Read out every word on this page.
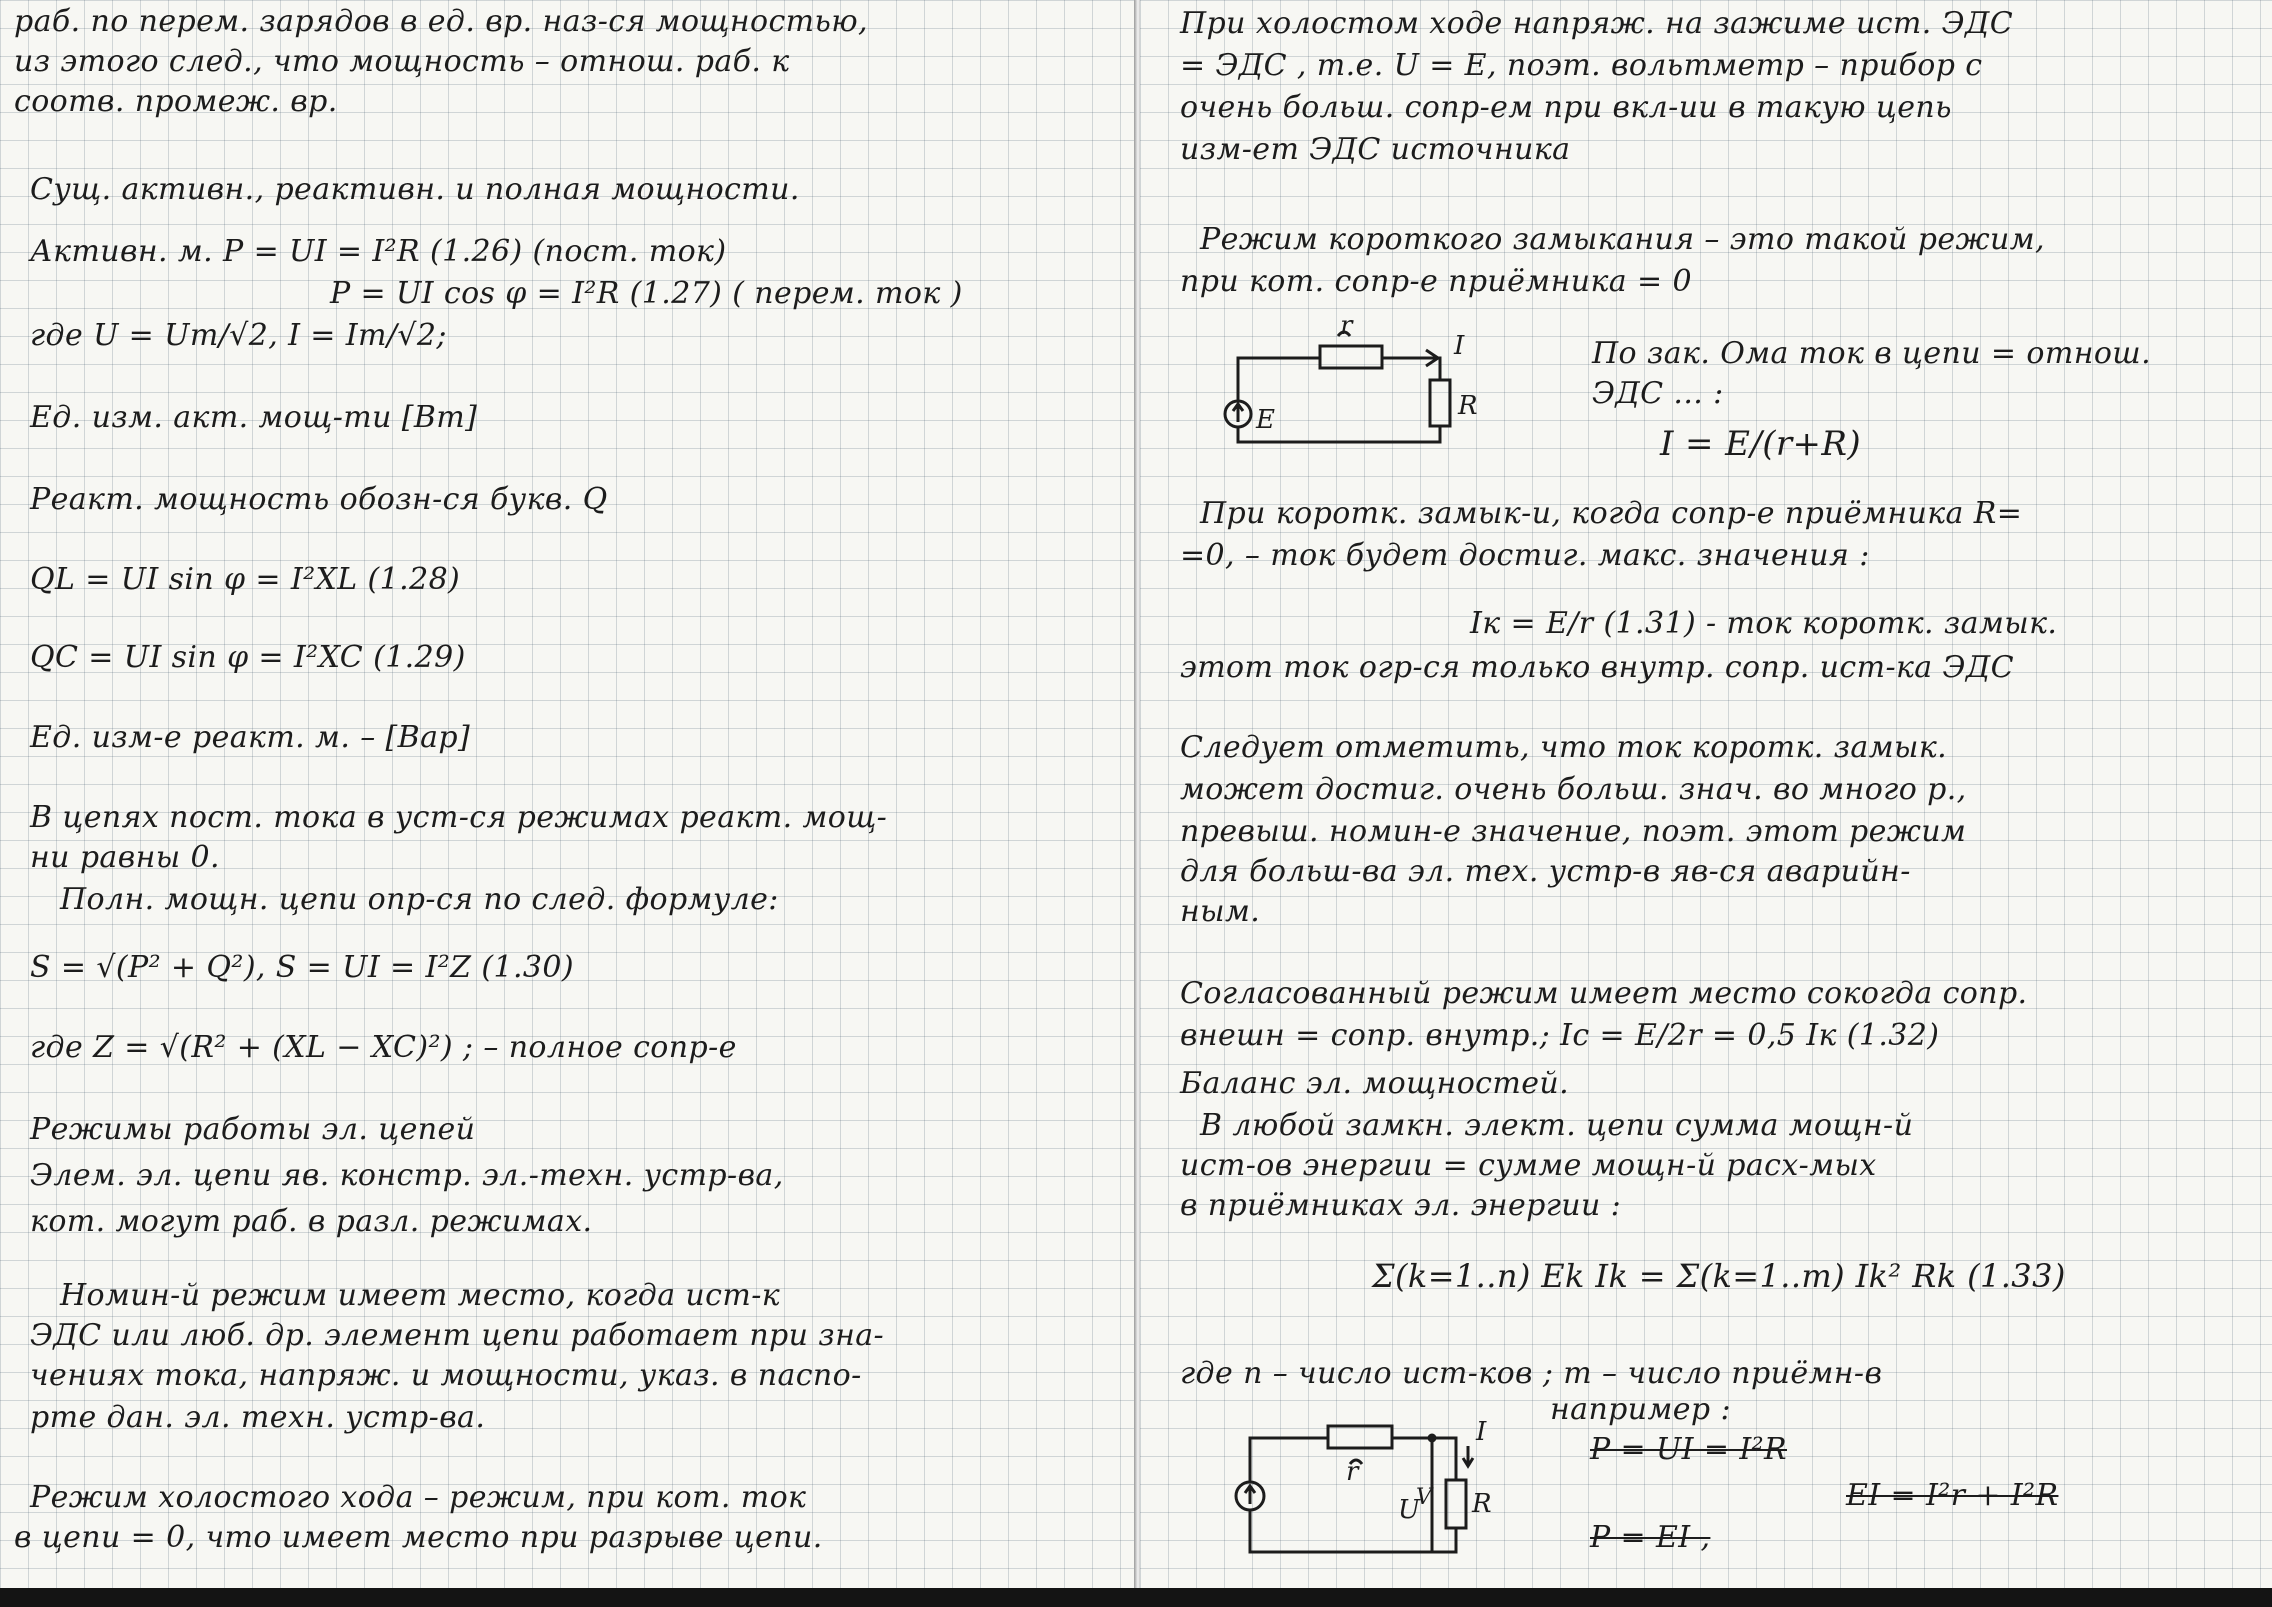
раб. по перем. зарядов в ед. вр. наз-ся мощностью,
из этого след., что мощность – отнош. раб. к
соотв. промеж. вр.
Сущ. активн., реактивн. и полная мощности.
Активн. м. P = UI = I²R (1.26) (пост. ток)
P = UI cos φ = I²R (1.27) ( перем. ток )
где U = Um/√2, I = Im/√2;
Ед. изм. акт. мощ-ти [Вт]
Реакт. мощность обозн-ся букв. Q
QL = UI sin φ = I²XL (1.28)
QC = UI sin φ = I²XC (1.29)
Ед. изм-е реакт. м. – [Вар]
В цепях пост. тока в уст-ся режимах реакт. мощ-
ни равны 0.
Полн. мощн. цепи опр-ся по след. формуле:
S = √(P² + Q²), S = UI = I²Z (1.30)
где Z = √(R² + (XL − XC)²) ; – полное сопр-е
Режимы работы эл. цепей
Элем. эл. цепи яв. констр. эл.-техн. устр-ва,
кот. могут раб. в разл. режимах.
Номин-й режим имеет место, когда ист-к
ЭДС или люб. др. элемент цепи работает при зна-
чениях тока, напряж. и мощности, указ. в паспо-
рте дан. эл. техн. устр-ва.
Режим холостого хода – режим, при кот. ток
в цепи = 0, что имеет место при разрыве цепи.
При холостом ходе напряж. на зажиме ист. ЭДС
= ЭДС , т.е. U = E, поэт. вольтметр – прибор с
очень больш. сопр-ем при вкл-ии в такую цепь
изм-ет ЭДС источника
Режим короткого замыкания – это такой режим,
при кот. сопр-е приёмника = 0
r
I
E	R
По зак. Ома ток в цепи = отнош.
ЭДС ... :
I = E/(r+R)
При коротк. замык-и, когда сопр-е приёмника R=
=0, – ток будет достиг. макс. значения :
Iк = E/r (1.31) - ток коротк. замык.
этот ток огр-ся только внутр. сопр. ист-ка ЭДС
Следует отметить, что ток коротк. замык.
может достиг. очень больш. знач. во много р.,
превыш. номин-е значение, поэт. этот режим
для больш-ва эл. тех. устр-в яв-ся аварийн-
ным.
Согласованный режим имеет место сокогда сопр.
внешн = сопр. внутр.; Iс = E/2r = 0,5 Iк (1.32)
Баланс эл. мощностей.
В любой замкн. элект. цепи сумма мощн-й
ист-ов энергии = сумме мощн-й расх-мых
в приёмниках эл. энергии :
Σ(k=1..n) Ek Ik = Σ(k=1..m) Ik² Rk (1.33)
где n – число ист-ков ; m – число приёмн-в
например :
P = UI = I²R
EI = I²r + I²R
P = EI ,
I
r
U
V R
